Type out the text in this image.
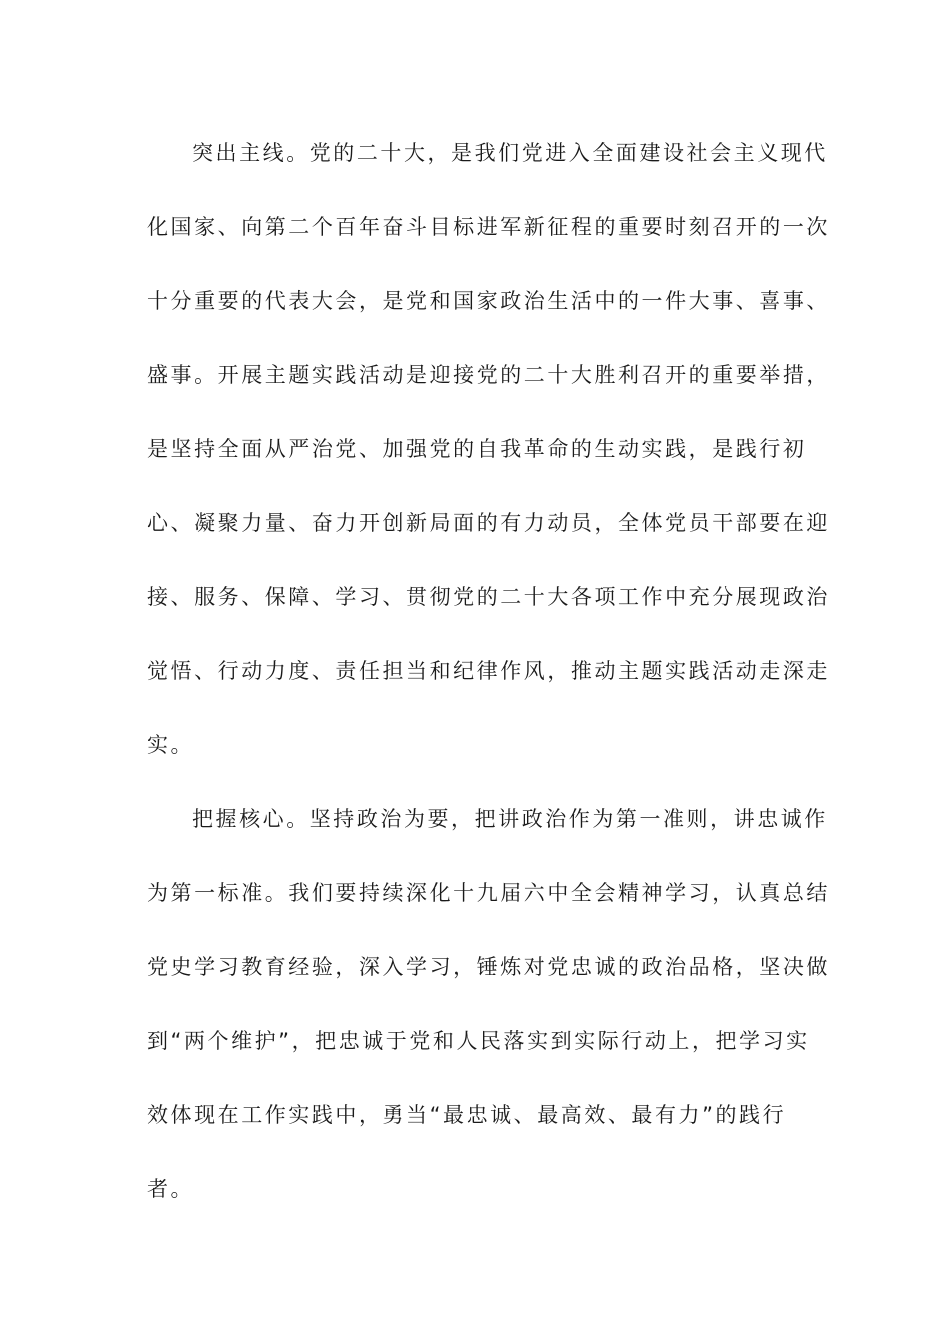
突出主线。党的二十大，是我们党进入全面建设社会主义现代
化国家、向第二个百年奋斗目标进军新征程的重要时刻召开的一次
十分重要的代表大会，是党和国家政治生活中的一件大事、喜事、
盛事。开展主题实践活动是迎接党的二十大胜利召开的重要举措，
是坚持全面从严治党、加强党的自我革命的生动实践，是践行初
心、凝聚力量、奋力开创新局面的有力动员，全体党员干部要在迎
接、服务、保障、学习、贯彻党的二十大各项工作中充分展现政治
觉悟、行动力度、责任担当和纪律作风，推动主题实践活动走深走
实。
把握核心。坚持政治为要，把讲政治作为第一准则，讲忠诚作
为第一标准。我们要持续深化十九届六中全会精神学习，认真总结
党史学习教育经验，深入学习，锤炼对党忠诚的政治品格，坚决做
到“两个维护”，把忠诚于党和人民落实到实际行动上，把学习实
效体现在工作实践中，勇当“最忠诚、最高效、最有力”的践行
者。
